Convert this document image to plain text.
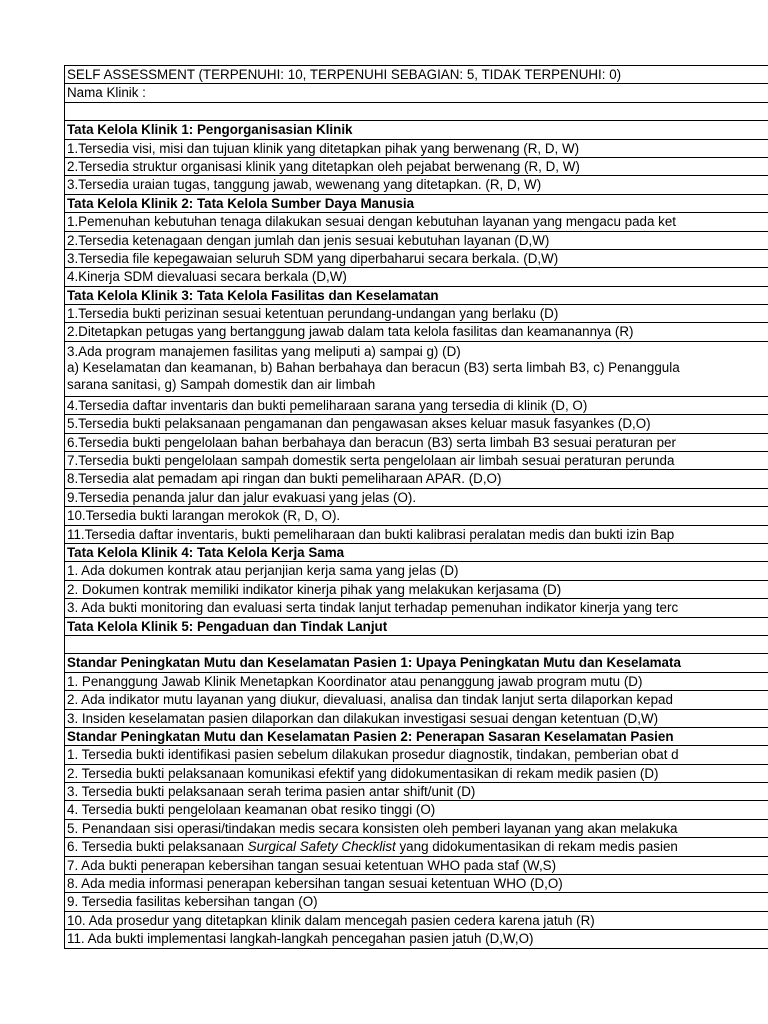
SELF ASSESSMENT (TERPENUHI: 10, TERPENUHI SEBAGIAN: 5, TIDAK TERPENUHI: 0)
Nama Klinik :
Tata Kelola Klinik 1: Pengorganisasian Klinik
1.Tersedia visi, misi dan tujuan klinik yang ditetapkan pihak yang berwenang (R, D, W)
2.Tersedia struktur organisasi klinik yang ditetapkan oleh pejabat berwenang (R, D, W)
3.Tersedia uraian tugas, tanggung jawab, wewenang yang ditetapkan. (R, D, W)
Tata Kelola Klinik 2: Tata Kelola Sumber Daya Manusia
1.Pemenuhan kebutuhan tenaga dilakukan sesuai dengan kebutuhan layanan yang mengacu pada ket
2.Tersedia ketenagaan dengan jumlah dan jenis sesuai kebutuhan layanan (D,W)
3.Tersedia file kepegawaian seluruh SDM yang diperbaharui secara berkala. (D,W)
4.Kinerja SDM dievaluasi secara berkala (D,W)
Tata Kelola Klinik 3: Tata Kelola Fasilitas dan Keselamatan
1.Tersedia bukti perizinan sesuai ketentuan perundang-undangan yang berlaku (D)
2.Ditetapkan petugas yang bertanggung jawab dalam tata kelola fasilitas dan keamanannya (R)
3.Ada program manajemen fasilitas yang meliputi a) sampai g) (D)
a) Keselamatan dan keamanan, b) Bahan berbahaya dan beracun (B3) serta limbah B3, c) Penanggula
sarana sanitasi, g) Sampah domestik dan air limbah
4.Tersedia daftar inventaris dan bukti pemeliharaan sarana yang tersedia di klinik (D, O)
5.Tersedia bukti pelaksanaan pengamanan dan pengawasan akses keluar masuk fasyankes (D,O)
6.Tersedia bukti pengelolaan bahan berbahaya dan beracun (B3) serta limbah B3 sesuai peraturan per
7.Tersedia bukti pengelolaan sampah domestik serta pengelolaan air limbah sesuai peraturan perunda
8.Tersedia alat pemadam api ringan dan bukti pemeliharaan APAR. (D,O)
9.Tersedia penanda jalur dan jalur evakuasi yang jelas (O).
10.Tersedia bukti larangan merokok (R, D, O).
11.Tersedia daftar inventaris, bukti pemeliharaan dan bukti kalibrasi peralatan medis dan bukti izin Bap
Tata Kelola Klinik 4: Tata Kelola Kerja Sama
1. Ada dokumen kontrak atau perjanjian kerja sama yang jelas (D)
2. Dokumen kontrak memiliki indikator kinerja pihak yang melakukan kerjasama (D)
3. Ada bukti monitoring dan evaluasi serta tindak lanjut terhadap pemenuhan indikator kinerja yang terc
Tata Kelola Klinik 5: Pengaduan dan Tindak Lanjut
Standar Peningkatan Mutu dan Keselamatan Pasien 1: Upaya Peningkatan Mutu dan Keselamata
1. Penanggung Jawab Klinik Menetapkan Koordinator atau penanggung jawab program mutu (D)
2. Ada indikator mutu layanan yang diukur, dievaluasi, analisa dan tindak lanjut serta dilaporkan kepad
3. Insiden keselamatan pasien dilaporkan dan dilakukan investigasi sesuai dengan ketentuan (D,W)
Standar Peningkatan Mutu dan Keselamatan Pasien 2: Penerapan Sasaran Keselamatan Pasien
1. Tersedia bukti identifikasi pasien sebelum dilakukan prosedur diagnostik, tindakan, pemberian obat d
2. Tersedia bukti pelaksanaan komunikasi efektif yang didokumentasikan di rekam medik pasien (D)
3. Tersedia bukti pelaksanaan serah terima pasien antar shift/unit (D)
4. Tersedia bukti pengelolaan keamanan obat resiko tinggi (O)
5. Penandaan sisi operasi/tindakan medis secara konsisten oleh pemberi layanan yang akan melakuka
6. Tersedia bukti pelaksanaan Surgical Safety Checklist yang didokumentasikan di rekam medis pasien
7. Ada bukti penerapan kebersihan tangan sesuai ketentuan WHO pada staf (W,S)
8. Ada media informasi penerapan kebersihan tangan sesuai ketentuan WHO (D,O)
9. Tersedia fasilitas kebersihan tangan (O)
10. Ada prosedur yang ditetapkan klinik dalam mencegah pasien cedera karena jatuh (R)
11. Ada bukti implementasi langkah-langkah pencegahan pasien jatuh (D,W,O)
